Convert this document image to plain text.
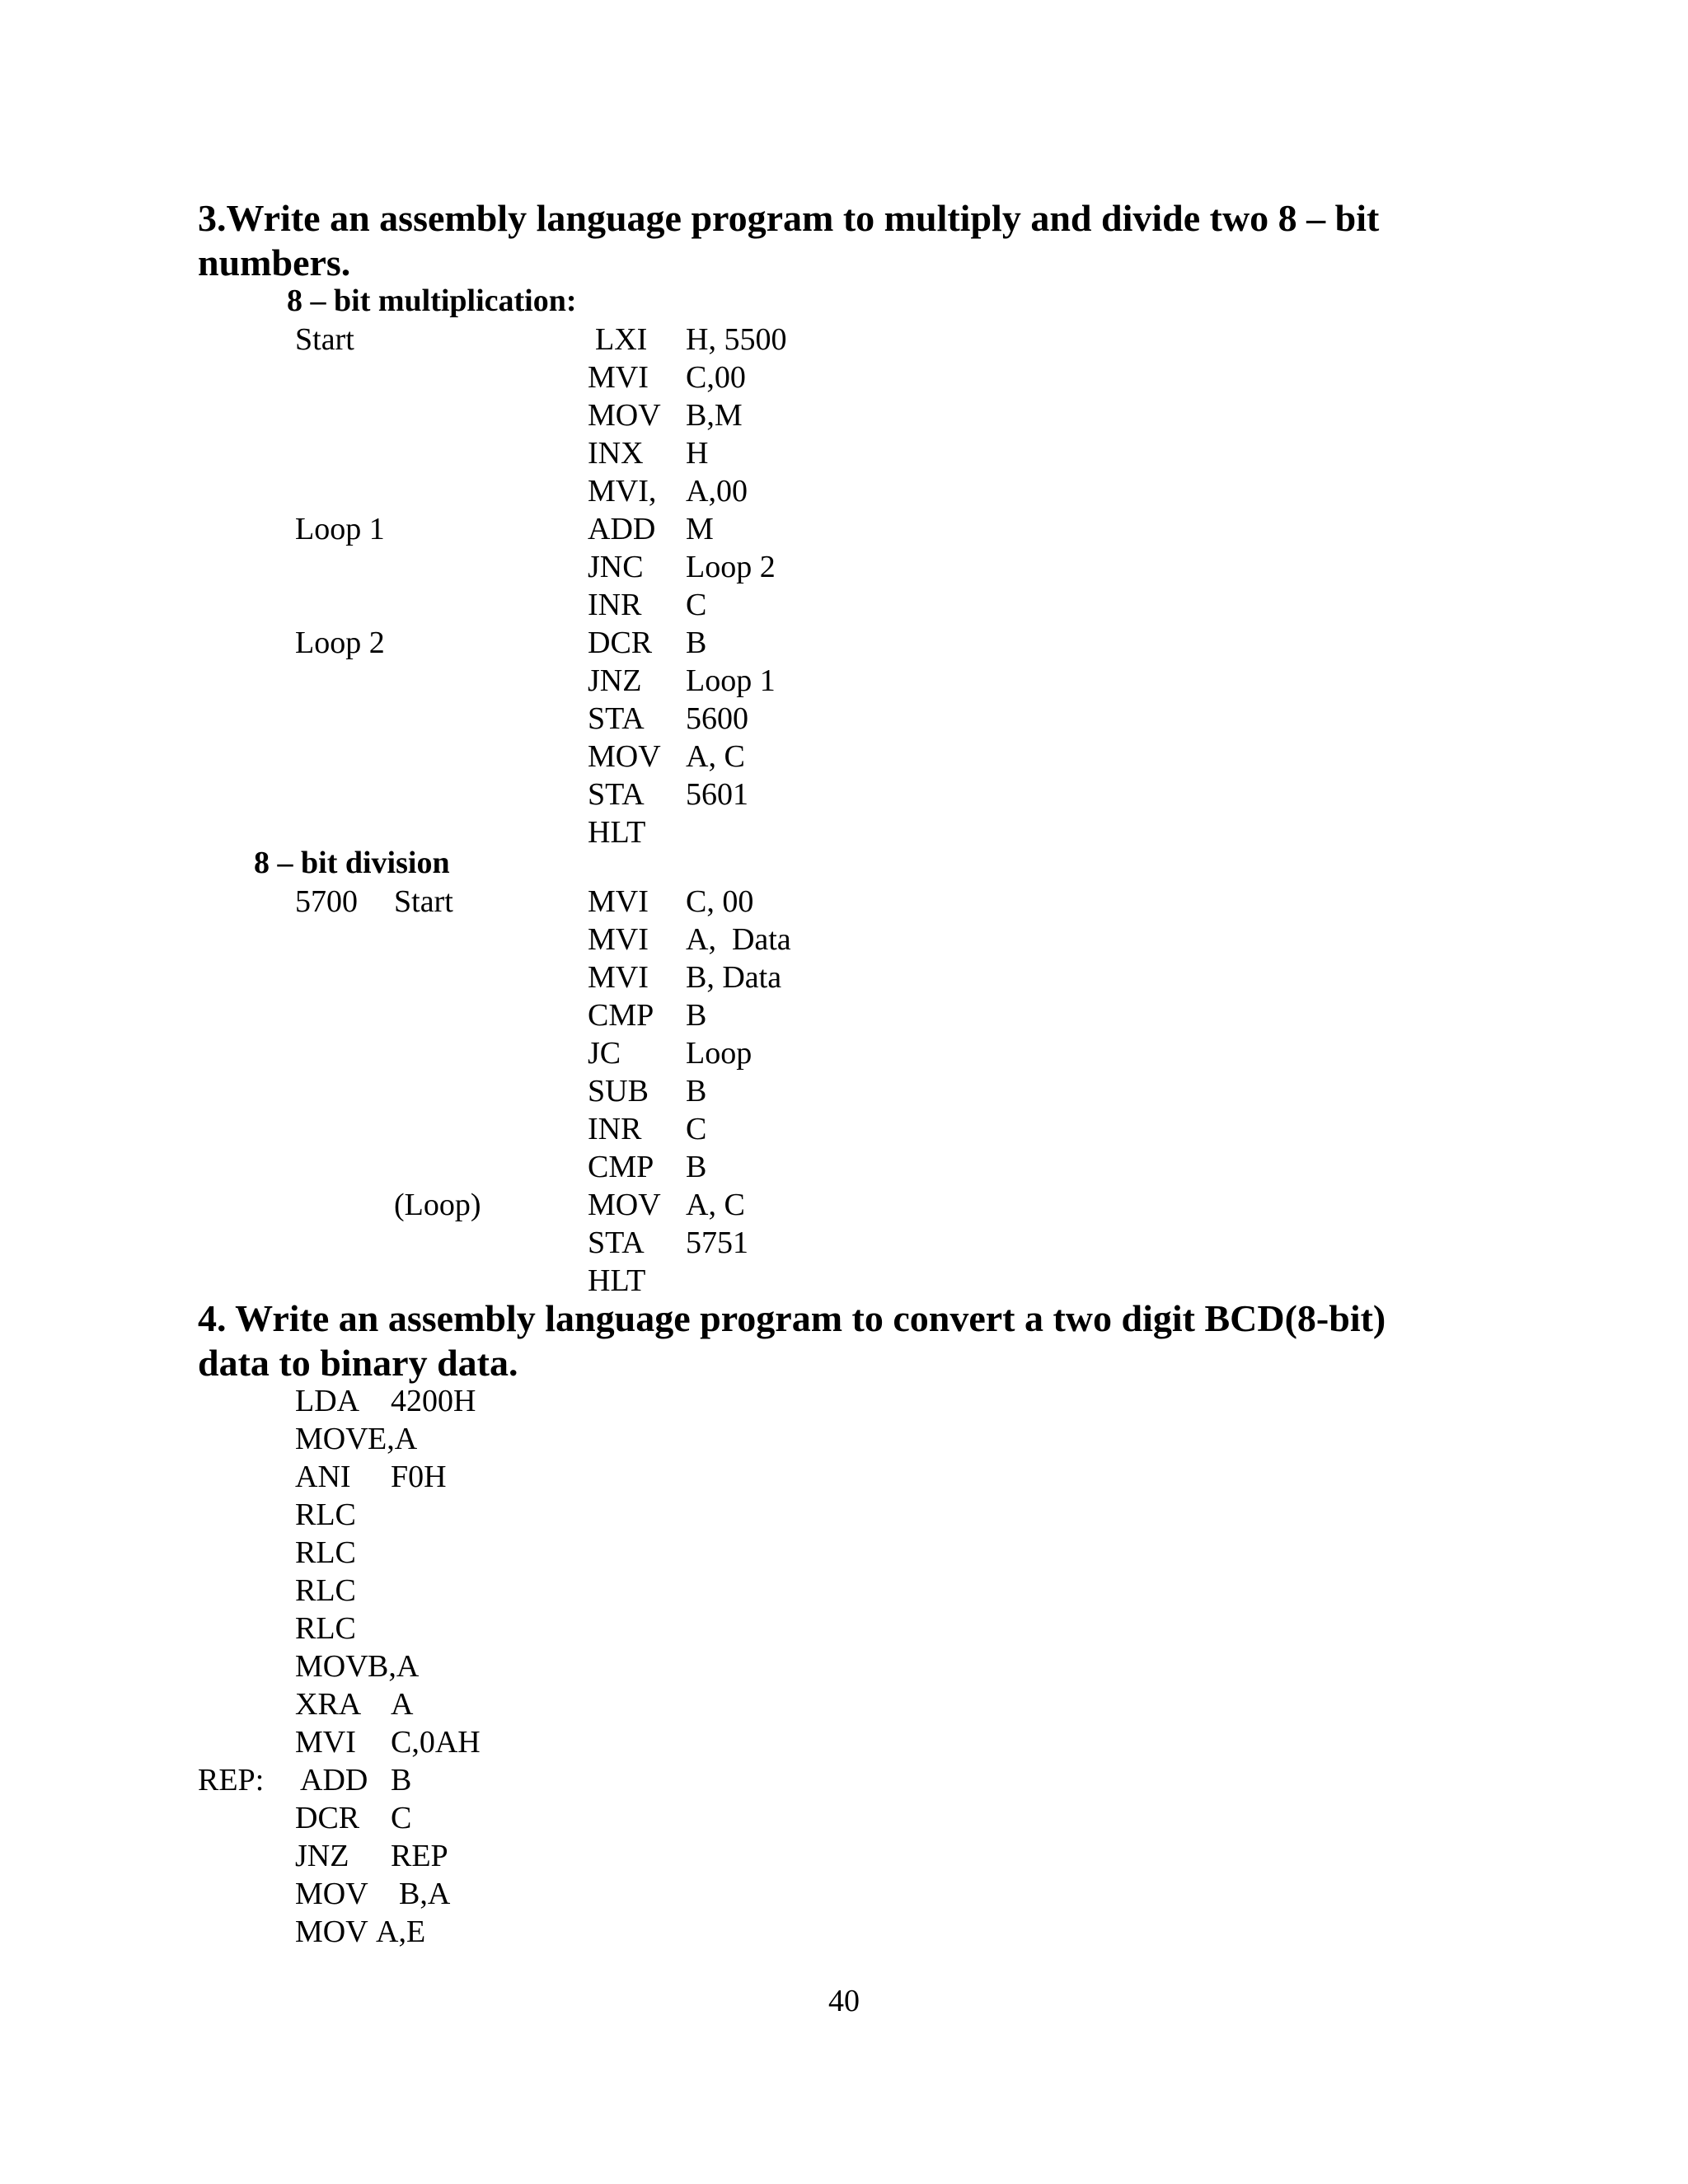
3.Write an assembly language program to multiply and divide two 8 – bit
numbers.
8 – bit multiplication:
Start	LXI H, 5500
MVI C,00
MOV B,M
INX H
MVI, A,00
Loop 1	ADD M
JNC Loop 2
INR C
Loop 2	DCR B
JNZ Loop 1
STA 5600
MOV A, C
STA 5601
HLT
8 – bit division
5700 Start	MVI C, 00
MVI A,  Data
MVI B, Data
CMP B
JC Loop
SUB B
INR C
CMP B
(Loop)	MOV A, C
STA 5751
HLT
4. Write an assembly language program to convert a two digit BCD(8-bit)
data to binary data.
LDA 4200H
MOV E,A
ANI F0H
RLC
RLC
RLC
RLC
MOV B,A
XRA A
MVI C,0AH
REP: ADD B
DCR C
JNZ REP
MOV B,A
MOV A,E
40
